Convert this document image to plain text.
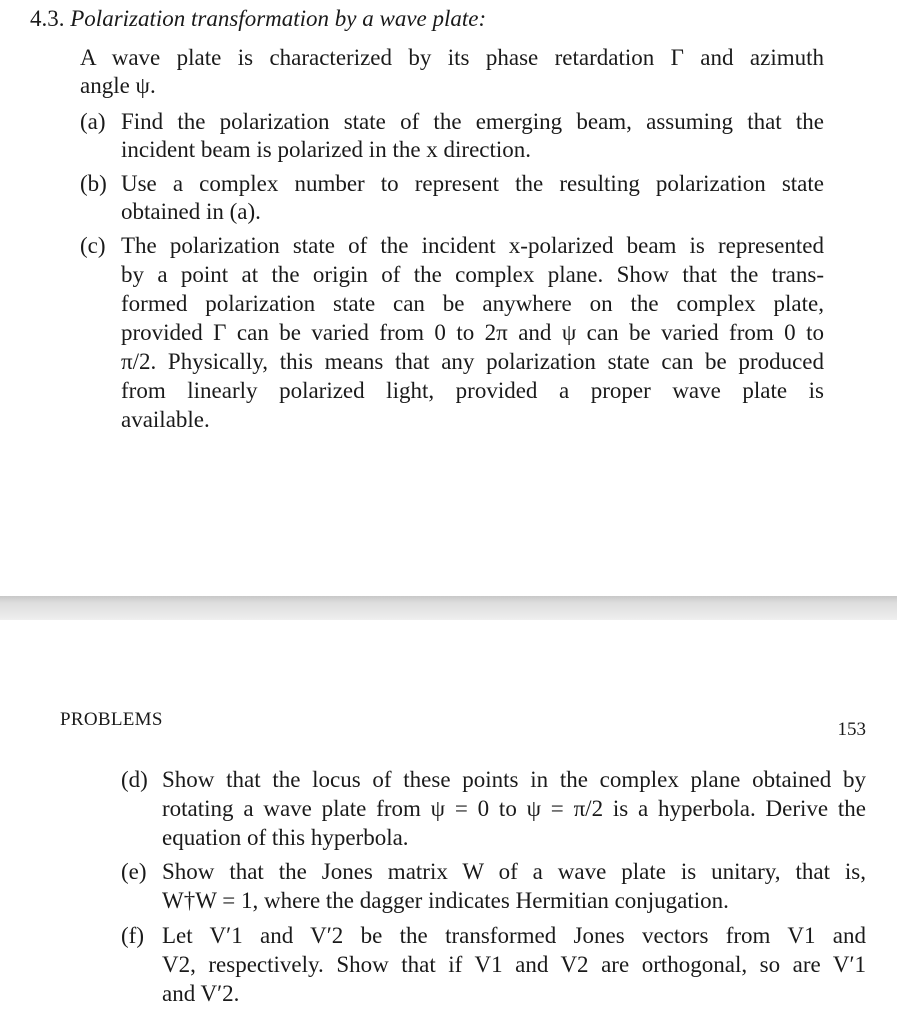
4.3. Polarization transformation by a wave plate:
A wave plate is characterized by its phase retardation Γ and azimuth
angle ψ.
(a) Find the polarization state of the emerging beam, assuming that the
incident beam is polarized in the x direction.
(b) Use a complex number to represent the resulting polarization state
obtained in (a).
(c) The polarization state of the incident x-polarized beam is represented
by a point at the origin of the complex plane. Show that the trans-
formed polarization state can be anywhere on the complex plate,
provided Γ can be varied from 0 to 2π and ψ can be varied from 0 to
π/2. Physically, this means that any polarization state can be produced
from linearly polarized light, provided a proper wave plate is
available.
PROBLEMS	153
(d) Show that the locus of these points in the complex plane obtained by
rotating a wave plate from ψ = 0 to ψ = π/2 is a hyperbola. Derive the
equation of this hyperbola.
(e) Show that the Jones matrix W of a wave plate is unitary, that is,
W†W = 1, where the dagger indicates Hermitian conjugation.
(f) Let V′1 and V′2 be the transformed Jones vectors from V1 and
V2, respectively. Show that if V1 and V2 are orthogonal, so are V′1
and V′2.
